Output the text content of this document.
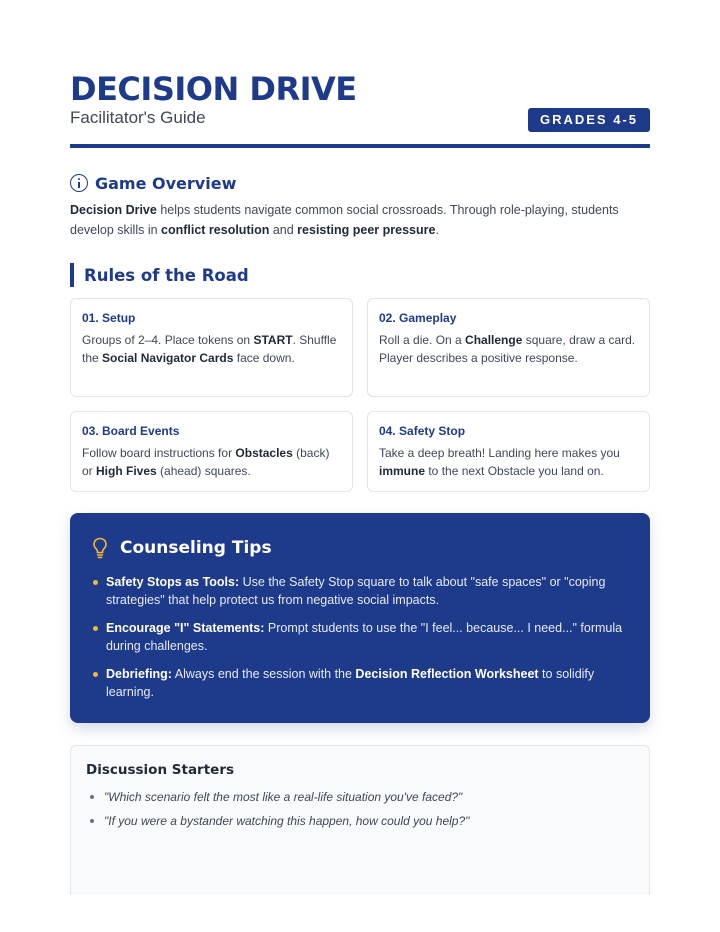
DECISION DRIVE
Facilitator's Guide	GRADES 4-5
Game Overview

Decision Drive helps students navigate common social crossroads. Through role-playing, students develop skills in conflict resolution and resisting peer pressure.

Rules of the Road
01. Setup
Groups of 2–4. Place tokens on START. Shuffle the Social Navigator Cards face down.
02. Gameplay
Roll a die. On a Challenge square, draw a card. Player describes a positive response.
03. Board Events
Follow board instructions for Obstacles (back) or High Fives (ahead) squares.
04. Safety Stop
Take a deep breath! Landing here makes you immune to the next Obstacle you land on.
Counseling Tips
Safety Stops as Tools: Use the Safety Stop square to talk about "safe spaces" or "coping strategies" that help protect us from negative social impacts.
Encourage "I" Statements: Prompt students to use the "I feel... because... I need..." formula during challenges.
Debriefing: Always end the session with the Decision Reflection Worksheet to solidify learning.
Discussion Starters
"Which scenario felt the most like a real-life situation you've faced?"
"If you were a bystander watching this happen, how could you help?"
